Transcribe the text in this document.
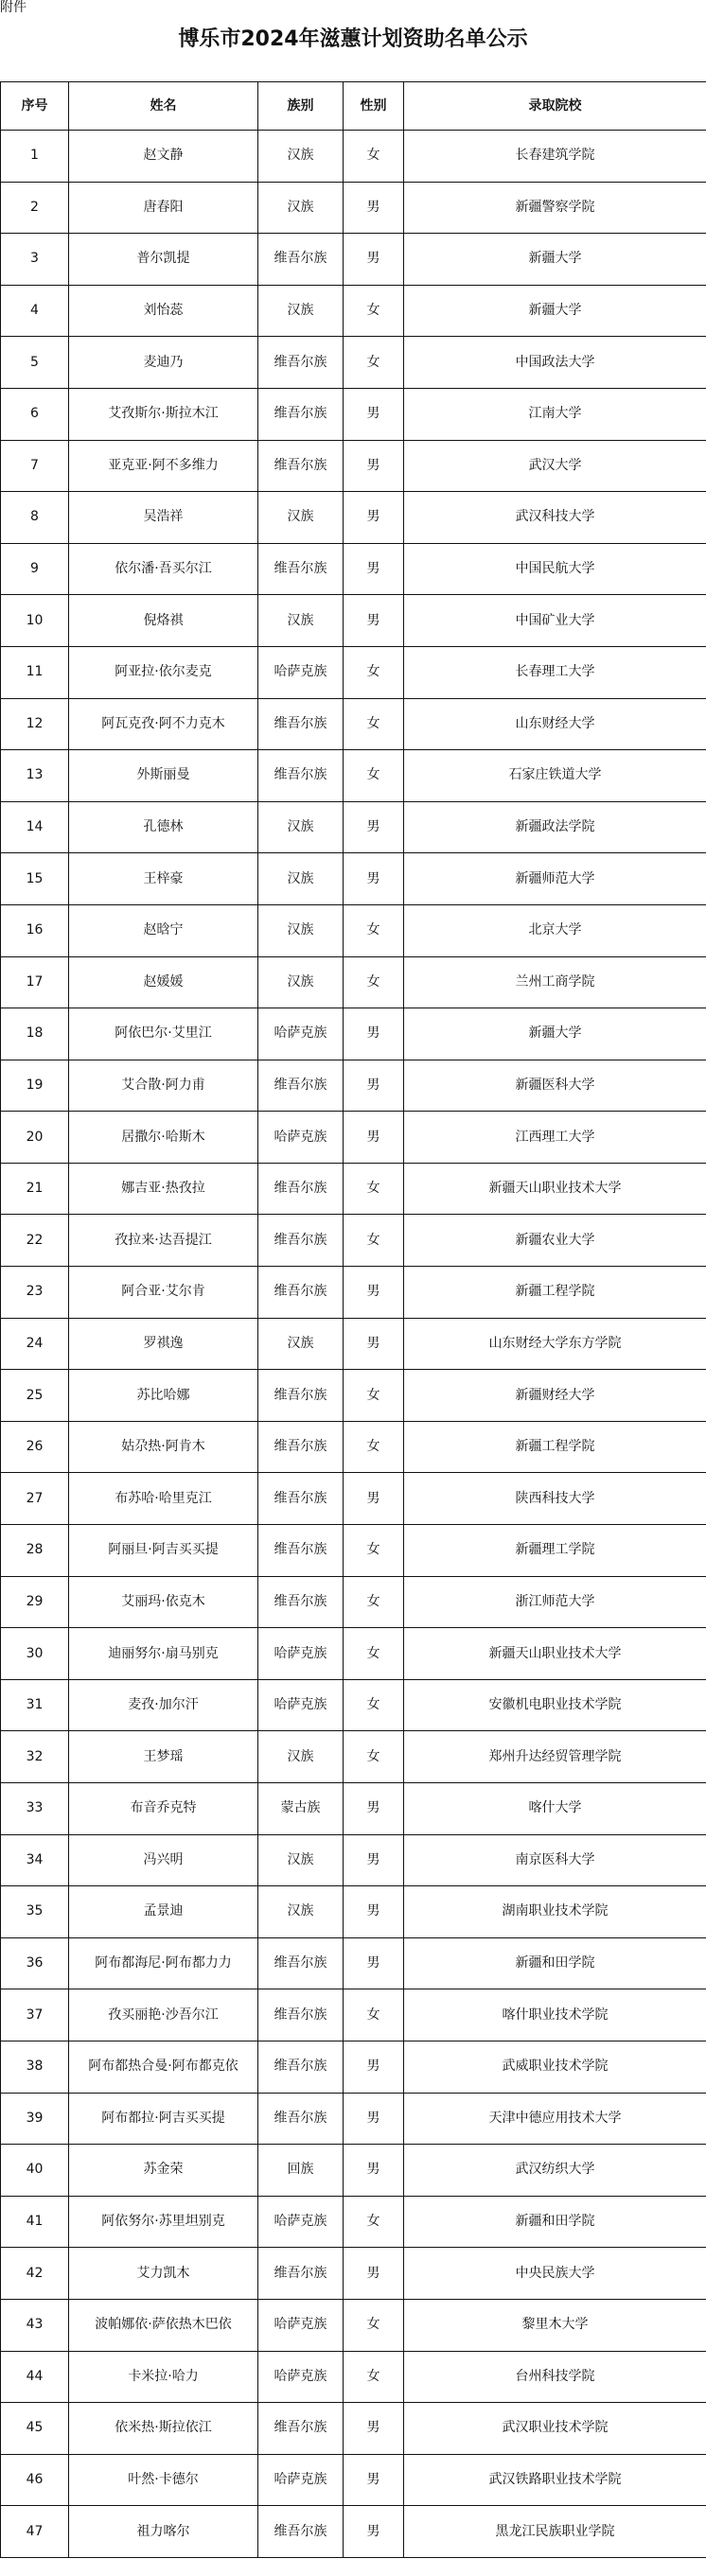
附件
博乐市2024年滋蕙计划资助名单公示
序号	姓名	族别	性别	录取院校
1	赵文静	汉族	女	长春建筑学院
2	唐春阳	汉族	男	新疆警察学院
3	普尔凯提	维吾尔族	男	新疆大学
4	刘怡蕊	汉族	女	新疆大学
5	麦迪乃	维吾尔族	女	中国政法大学
6	艾孜斯尔·斯拉木江	维吾尔族	男	江南大学
7	亚克亚·阿不多维力	维吾尔族	男	武汉大学
8	吴浩祥	汉族	男	武汉科技大学
9	依尔潘·吾买尔江	维吾尔族	男	中国民航大学
10	倪烙祺	汉族	男	中国矿业大学
11	阿亚拉·依尔麦克	哈萨克族	女	长春理工大学
12	阿瓦克孜·阿不力克木	维吾尔族	女	山东财经大学
13	外斯丽曼	维吾尔族	女	石家庄铁道大学
14	孔德林	汉族	男	新疆政法学院
15	王梓豪	汉族	男	新疆师范大学
16	赵晗宁	汉族	女	北京大学
17	赵媛媛	汉族	女	兰州工商学院
18	阿依巴尔·艾里江	哈萨克族	男	新疆大学
19	艾合散·阿力甫	维吾尔族	男	新疆医科大学
20	居撒尔·哈斯木	哈萨克族	男	江西理工大学
21	娜吉亚·热孜拉	维吾尔族	女	新疆天山职业技术大学
22	孜拉来·达吾提江	维吾尔族	女	新疆农业大学
23	阿合亚·艾尔肯	维吾尔族	男	新疆工程学院
24	罗祺逸	汉族	男	山东财经大学东方学院
25	苏比哈娜	维吾尔族	女	新疆财经大学
26	姑尕热·阿肯木	维吾尔族	女	新疆工程学院
27	布苏哈·哈里克江	维吾尔族	男	陕西科技大学
28	阿丽旦·阿吉买买提	维吾尔族	女	新疆理工学院
29	艾丽玛·依克木	维吾尔族	女	浙江师范大学
30	迪丽努尔·扇马别克	哈萨克族	女	新疆天山职业技术大学
31	麦孜·加尔汗	哈萨克族	女	安徽机电职业技术学院
32	王梦瑶	汉族	女	郑州升达经贸管理学院
33	布音乔克特	蒙古族	男	喀什大学
34	冯兴明	汉族	男	南京医科大学
35	孟景迪	汉族	男	湖南职业技术学院
36	阿布都海尼·阿布都力力	维吾尔族	男	新疆和田学院
37	孜买丽艳·沙吾尔江	维吾尔族	女	喀什职业技术学院
38	阿布都热合曼·阿布都克依	维吾尔族	男	武威职业技术学院
39	阿布都拉·阿吉买买提	维吾尔族	男	天津中德应用技术大学
40	苏金荣	回族	男	武汉纺织大学
41	阿依努尔·苏里坦别克	哈萨克族	女	新疆和田学院
42	艾力凯木	维吾尔族	男	中央民族大学
43	波帕娜依·萨依热木巴依	哈萨克族	女	黎里木大学
44	卡米拉·哈力	哈萨克族	女	台州科技学院
45	依米热·斯拉依江	维吾尔族	男	武汉职业技术学院
46	叶然·卡德尔	哈萨克族	男	武汉铁路职业技术学院
47	祖力喀尔	维吾尔族	男	黑龙江民族职业学院
